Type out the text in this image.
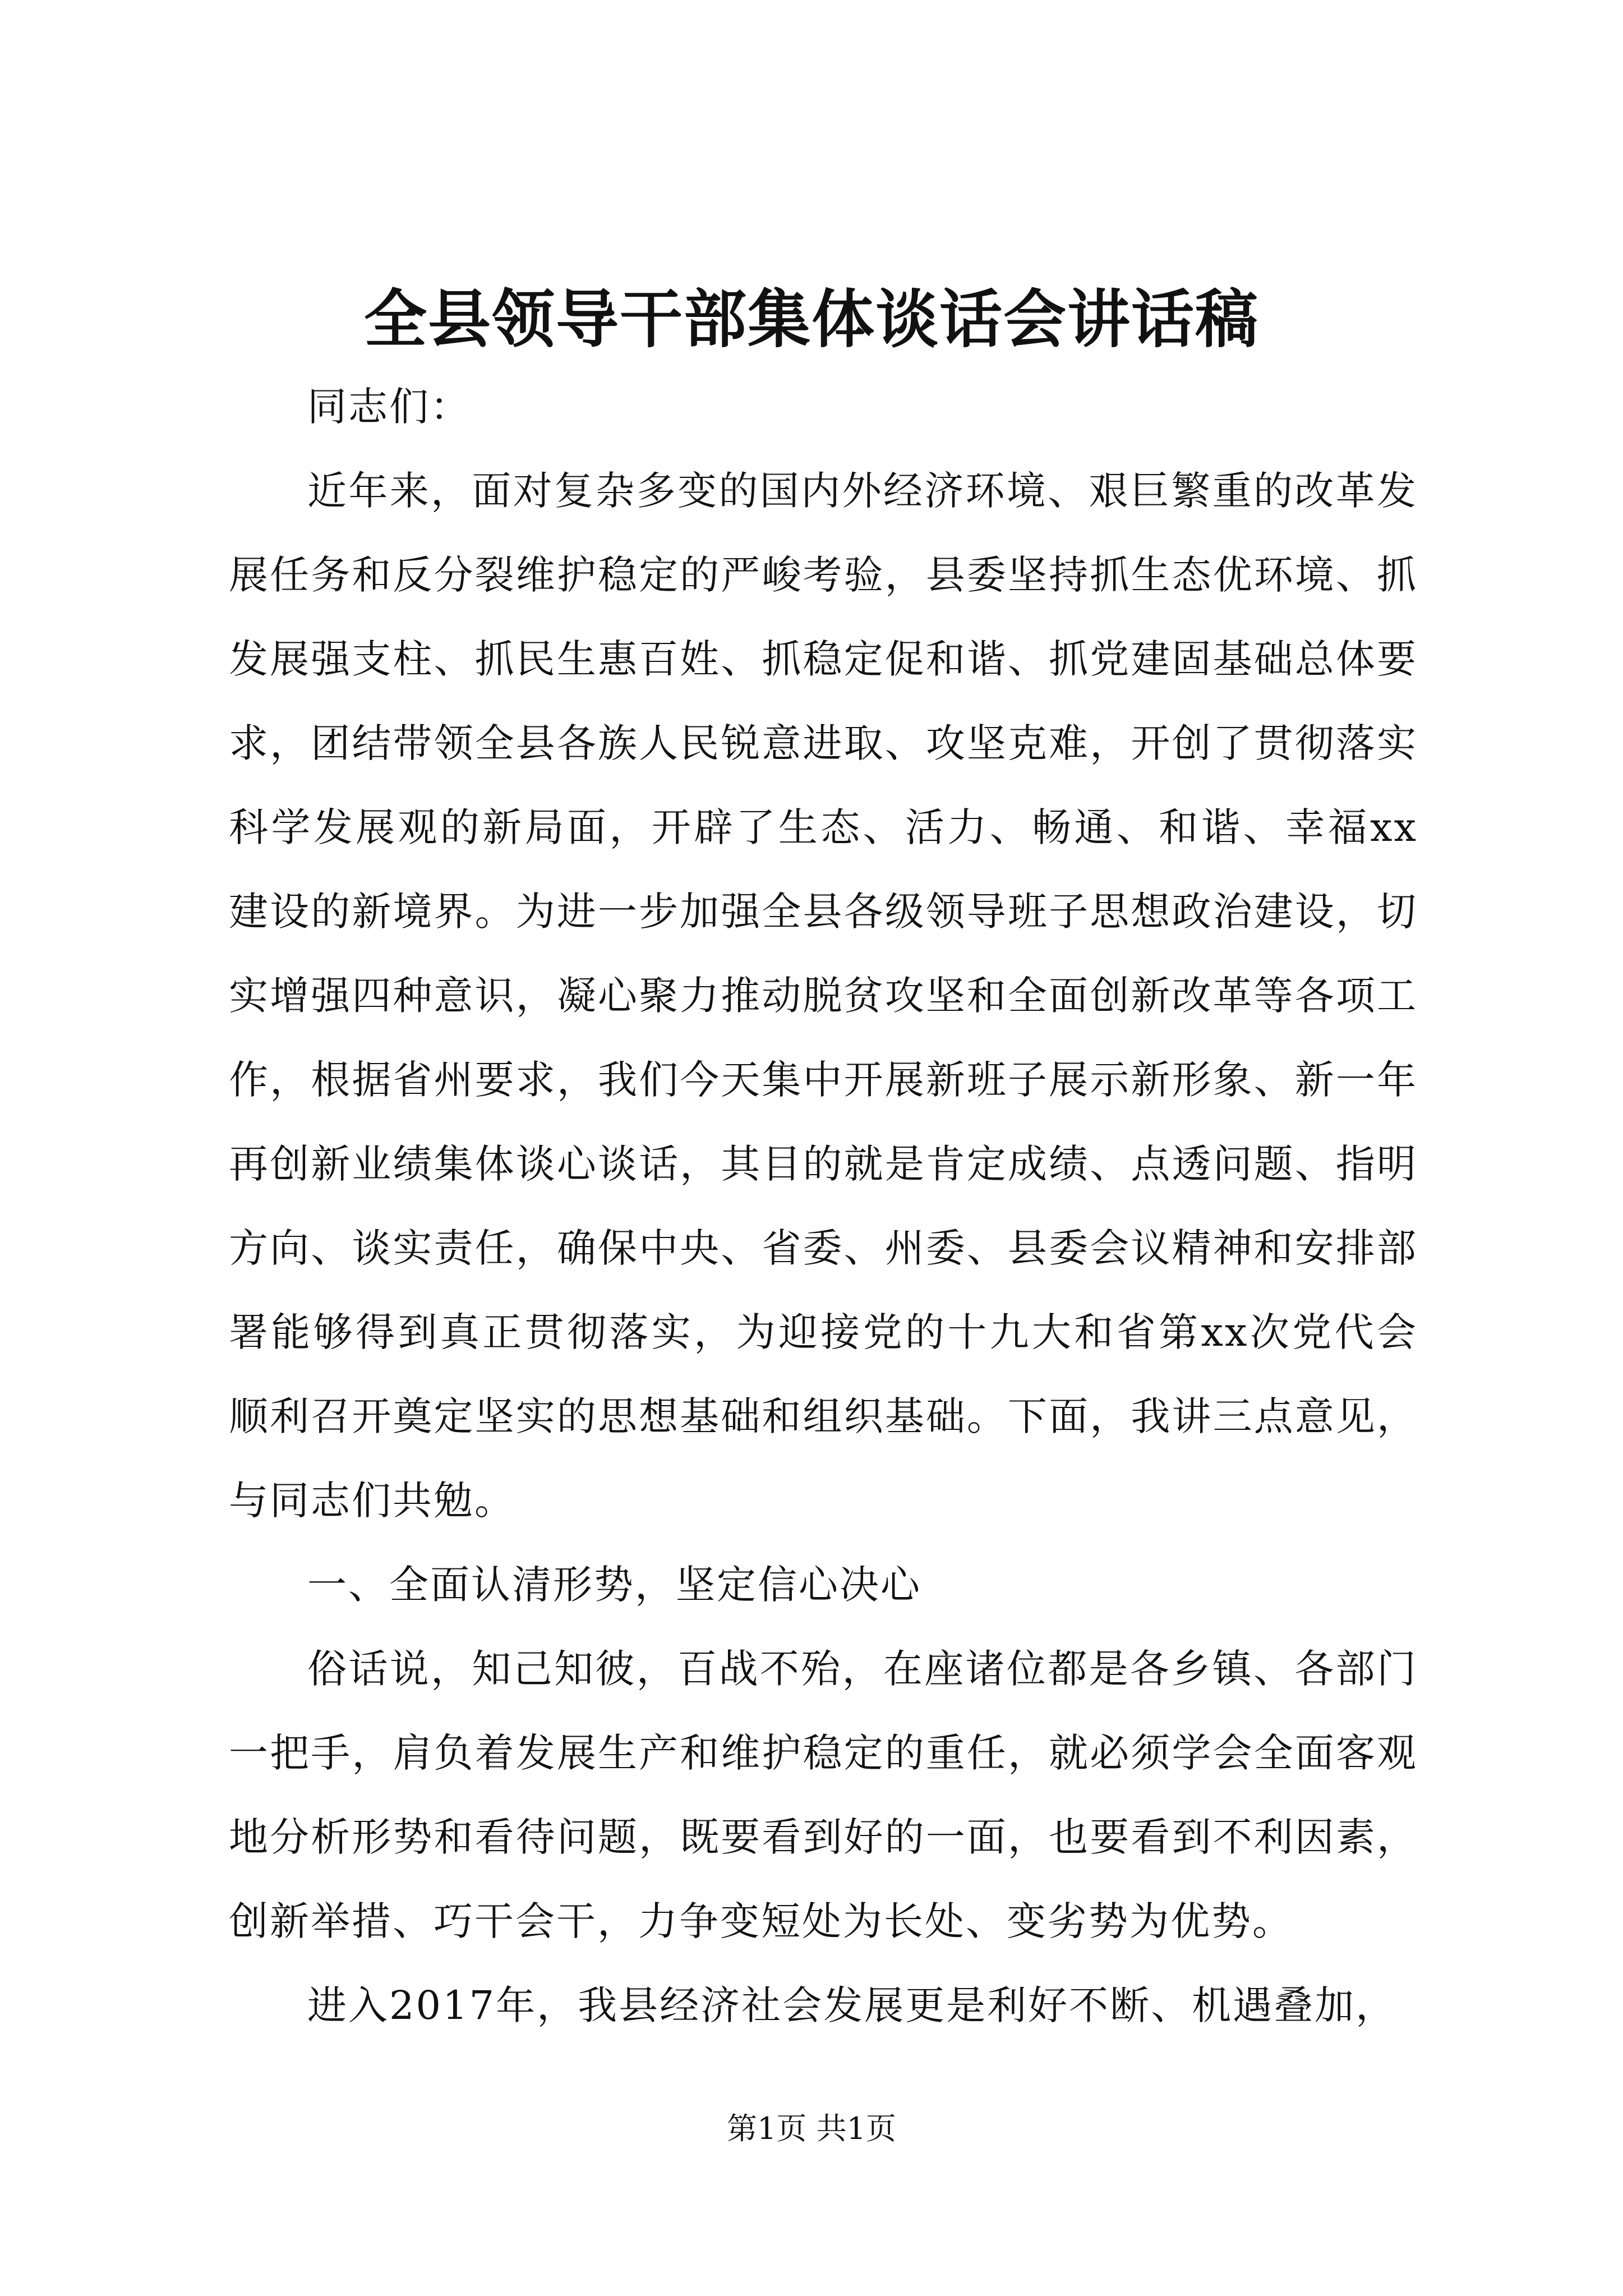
全县领导干部集体谈话会讲话稿

同志们：

近年来，面对复杂多变的国内外经济环境、艰巨繁重的改革发展任务和反分裂维护稳定的严峻考验，县委坚持抓生态优环境、抓发展强支柱、抓民生惠百姓、抓稳定促和谐、抓党建固基础总体要求，团结带领全县各族人民锐意进取、攻坚克难，开创了贯彻落实科学发展观的新局面，开辟了生态、活力、畅通、和谐、幸福xx建设的新境界。为进一步加强全县各级领导班子思想政治建设，切实增强四种意识，凝心聚力推动脱贫攻坚和全面创新改革等各项工作，根据省州要求，我们今天集中开展新班子展示新形象、新一年再创新业绩集体谈心谈话，其目的就是肯定成绩、点透问题、指明方向、谈实责任，确保中央、省委、州委、县委会议精神和安排部署能够得到真正贯彻落实，为迎接党的十九大和省第xx次党代会顺利召开奠定坚实的思想基础和组织基础。下面，我讲三点意见，与同志们共勉。

一、全面认清形势，坚定信心决心

俗话说，知己知彼，百战不殆，在座诸位都是各乡镇、各部门一把手，肩负着发展生产和维护稳定的重任，就必须学会全面客观地分析形势和看待问题，既要看到好的一面，也要看到不利因素，创新举措、巧干会干，力争变短处为长处、变劣势为优势。

进入2017年，我县经济社会发展更是利好不断、机遇叠加，

第1页 共1页
